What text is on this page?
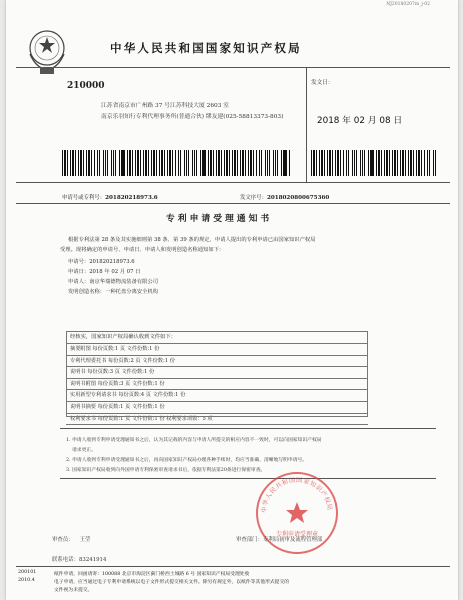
NJ20180207m_j-02
中华人民共和国国家知识产权局
210000
江苏省南京市广州路 37 号江苏科技大厦 2603 室
南京乐羽知行专利代理事务所(普通合伙) 缪友建(025-58813373-803)
发文日：
2018 年 02 月 08 日
申请号或专利号：201820218973.6	发文序号：2018020800675360
专利申请受理通知书
根据专利法第 28 条及其实施细则第 38 条、第 39 条的规定，申请人提出的专利申请已由国家知识产权局
受理。现将确定的申请号、申请日、申请人和发明创造名称通知如下：
申请号：201820218973.6
申请日：2018 年 02 月 07 日
申请人：南京华瑞德物流装备有限公司
发明创造名称：一种托盘分离安全机构
经核实，国家知识产权局确认收到文件如下：
摘要附图 每份页数:1 页 文件份数:1 份
专利代理委托书 每份页数:2 页 文件份数:1 份
说明书 每份页数:3 页 文件份数:1 份
说明书附图 每份页数:3 页 文件份数:1 份
实用新型专利请求书 每份页数:4 页 文件份数:1 份
说明书摘要 每份页数:1 页 文件份数:1 份
权利要求书 每份页数:1 页 文件份数:1 份 权利要求项数：5 项
1. 申请人收到专利申请受理通知书之后，认为其记载的内容与申请人所提交的相应内容不一致时，可以向国家知识产权局
请求更正。
2. 申请人收到专利申请受理通知书之后，再向国家知识产权局办理各种手续时，均应当准确、清晰地写明申请号。
3. 国家知识产权局收到向外国申请专利保密审查请求书后，依据专利法第20条进行保密审查。
中华人民共和国国家知识产权局
专利申请受理章
审查员： 王莹	审查部门：专利局初审及流程管理部
联系电话：83241914
200101
2010.4
纸件申请，回函请寄：100088 北京市海淀区蓟门桥西土城路 6 号 国家知识产权局受理处收
电子申请，应当通过电子专利申请系统以电子文件形式提交相关文件。除另有规定外，以纸件等其他形式提交的
文件视为未提交。
